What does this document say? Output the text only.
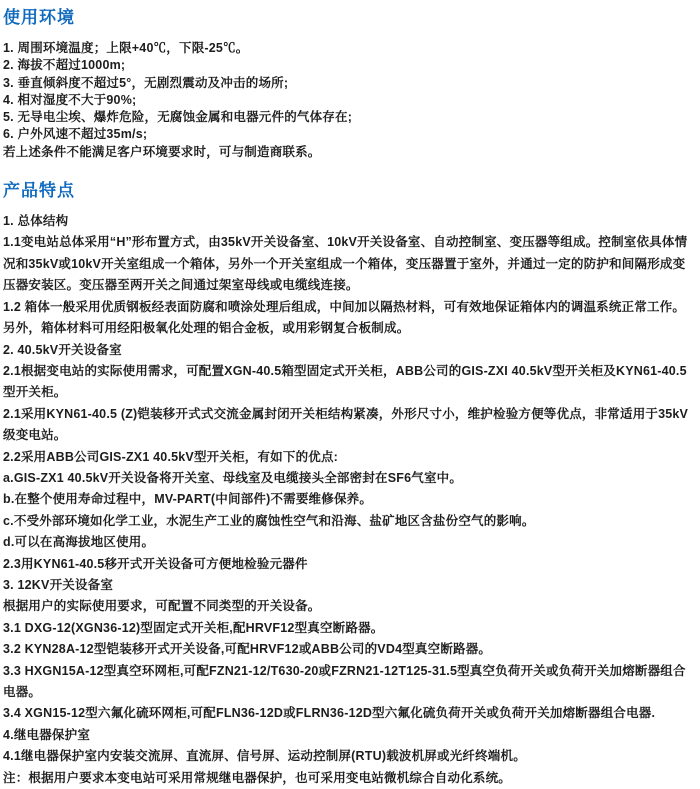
使用环境

1. 周围环境温度；上限+40℃，下限-25℃。

2. 海拔不超过1000m;

3. 垂直倾斜度不超过5°，无剧烈震动及冲击的场所;

4. 相对湿度不大于90%;

5. 无导电尘埃、爆炸危险，无腐蚀金属和电器元件的气体存在;

6. 户外风速不超过35m/s;

若上述条件不能满足客户环境要求时，可与制造商联系。

产品特点

1. 总体结构

1.1变电站总体采用“H”形布置方式，由35kV开关设备室、10kV开关设备室、自动控制室、变压器等组成。控制室依具体情况和35kV或10kV开关室组成一个箱体，另外一个开关室组成一个箱体，变压器置于室外，并通过一定的防护和间隔形成变压器安装区。变压器至两开关之间通过架室母线或电缆线连接。

1.2 箱体一般采用优质钢板经表面防腐和喷涂处理后组成，中间加以隔热材料，可有效地保证箱体内的调温系统正常工作。另外，箱体材料可用经阳极氧化处理的铝合金板，或用彩钢复合板制成。

2. 40.5kV开关设备室

2.1根据变电站的实际使用需求，可配置XGN-40.5箱型固定式开关柜，ABB公司的GIS-ZXI 40.5kV型开关柜及KYN61-40.5型开关柜。

2.1采用KYN61-40.5 (Z)铠装移开式式交流金属封闭开关柜结构紧凑，外形尺寸小，维护检验方便等优点，非常适用于35kV级变电站。

2.2采用ABB公司GIS-ZX1 40.5kV型开关柜，有如下的优点:

a.GIS-ZX1 40.5kV开关设备将开关室、母线室及电缆接头全部密封在SF6气室中。

b.在整个使用寿命过程中，MV-PART(中间部件)不需要维修保养。

c.不受外部环境如化学工业，水泥生产工业的腐蚀性空气和沿海、盐矿地区含盐份空气的影响。

d.可以在高海拔地区使用。

2.3用KYN61-40.5移开式开关设备可方便地检验元器件

3. 12KV开关设备室

根据用户的实际使用要求，可配置不同类型的开关设备。

3.1 DXG-12(XGN36-12)型固定式开关柜,配HRVF12型真空断路器。

3.2 KYN28A-12型铠装移开式开关设备,可配HRVF12或ABB公司的VD4型真空断路器。

3.3 HXGN15A-12型真空环网柜,可配FZN21-12/T630-20或FZRN21-12T125-31.5型真空负荷开关或负荷开关加熔断器组合电器。

3.4 XGN15-12型六氟化硫环网柜,可配FLN36-12D或FLRN36-12D型六氟化硫负荷开关或负荷开关加熔断器组合电器.

4.继电器保护室

4.1继电器保护室内安装交流屏、直流屏、信号屏、运动控制屏(RTU)载波机屏或光纤终端机。

注：根据用户要求本变电站可采用常规继电器保护，也可采用变电站微机综合自动化系统。
